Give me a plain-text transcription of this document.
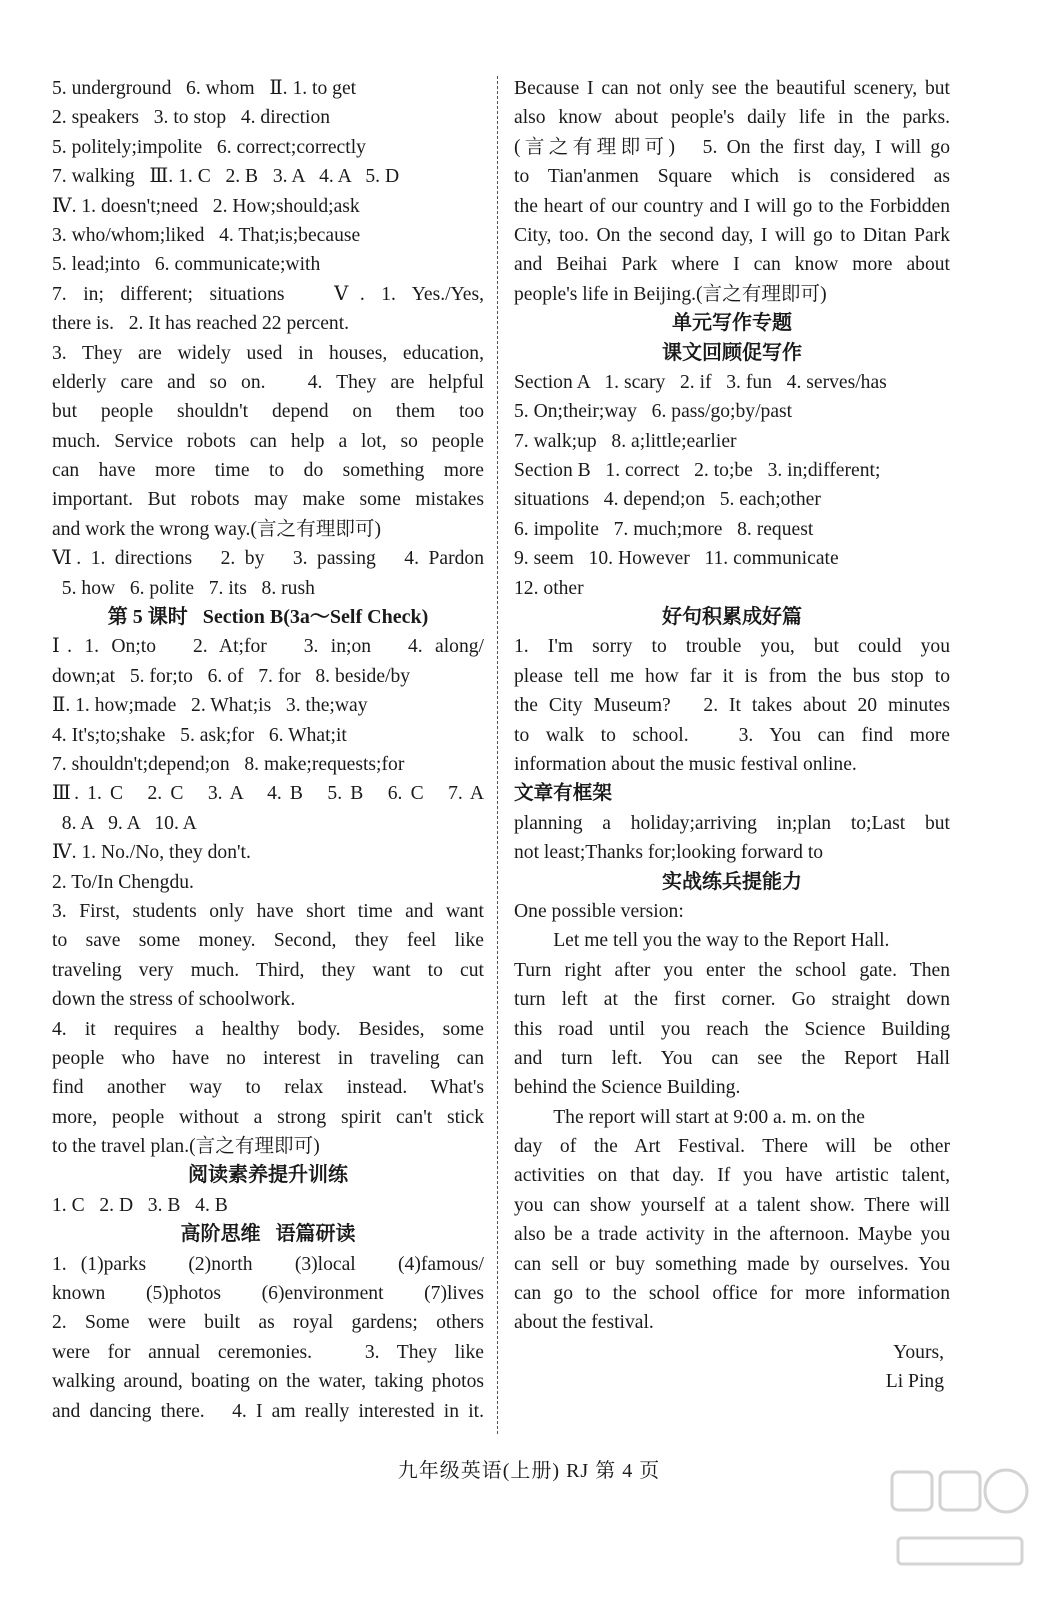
5. underground   6. whom   Ⅱ. 1. to get
2. speakers   3. to stop   4. direction
5. politely;impolite   6. correct;correctly
7. walking   Ⅲ. 1. C   2. B   3. A   4. A   5. D
Ⅳ. 1. doesn't;need   2. How;should;ask
3. who/whom;liked   4. That;is;because
5. lead;into   6. communicate;with
7. in; different; situations   Ⅴ. 1. Yes./Yes,
there is.   2. It has reached 22 percent.
3. They are widely used in houses, education,
elderly care and so on.   4. They are helpful
but people shouldn't depend on them too
much. Service robots can help a lot, so people
can have more time to do something more
important. But robots may make some mistakes
and work the wrong way.(言之有理即可)
Ⅵ. 1. directions   2. by   3. passing   4. Pardon
5. how   6. polite   7. its   8. rush
第 5 课时   Section B(3a～Self Check)
Ⅰ. 1. On;to   2. At;for   3. in;on   4. along/
down;at   5. for;to   6. of   7. for   8. beside/by
Ⅱ. 1. how;made   2. What;is   3. the;way
4. It's;to;shake   5. ask;for   6. What;it
7. shouldn't;depend;on   8. make;requests;for
Ⅲ. 1. C   2. C   3. A   4. B   5. B   6. C   7. A
8. A   9. A   10. A
Ⅳ. 1. No./No, they don't.
2. To/In Chengdu.
3. First, students only have short time and want
to save some money. Second, they feel like
traveling very much. Third, they want to cut
down the stress of schoolwork.
4. it requires a healthy body. Besides, some
people who have no interest in traveling can
find another way to relax instead. What's
more, people without a strong spirit can't stick
to the travel plan.(言之有理即可)
阅读素养提升训练
1. C   2. D   3. B   4. B
高阶思维   语篇研读
1. (1)parks   (2)north   (3)local   (4)famous/
known   (5)photos   (6)environment   (7)lives
2. Some were built as royal gardens; others
were for annual ceremonies.   3. They like
walking around, boating on the water, taking photos
and dancing there.   4. I am really interested in it.
Because I can not only see the beautiful scenery, but
also know about people's daily life in the parks.
(言之有理即可)   5. On the first day, I will go
to Tian'anmen Square which is considered as
the heart of our country and I will go to the Forbidden
City, too. On the second day, I will go to Ditan Park
and Beihai Park where I can know more about
people's life in Beijing.(言之有理即可)
单元写作专题
课文回顾促写作
Section A   1. scary   2. if   3. fun   4. serves/has
5. On;their;way   6. pass/go;by/past
7. walk;up   8. a;little;earlier
Section B   1. correct   2. to;be   3. in;different;
situations   4. depend;on   5. each;other
6. impolite   7. much;more   8. request
9. seem   10. However   11. communicate
12. other
好句积累成好篇
1. I'm sorry to trouble you, but could you
please tell me how far it is from the bus stop to
the City Museum?   2. It takes about 20 minutes
to walk to school.   3. You can find more
information about the music festival online.
文章有框架
planning a holiday;arriving in;plan to;Last but
not least;Thanks for;looking forward to
实战练兵提能力
One possible version:
Let me tell you the way to the Report Hall.
Turn right after you enter the school gate. Then
turn left at the first corner. Go straight down
this road until you reach the Science Building
and turn left. You can see the Report Hall
behind the Science Building.
The report will start at 9:00 a. m. on the
day of the Art Festival. There will be other
activities on that day. If you have artistic talent,
you can show yourself at a talent show. There will
also be a trade activity in the afternoon. Maybe you
can sell or buy something made by ourselves. You
can go to the school office for more information
about the festival.
Yours,
Li Ping
九年级英语(上册) RJ 第 4 页
